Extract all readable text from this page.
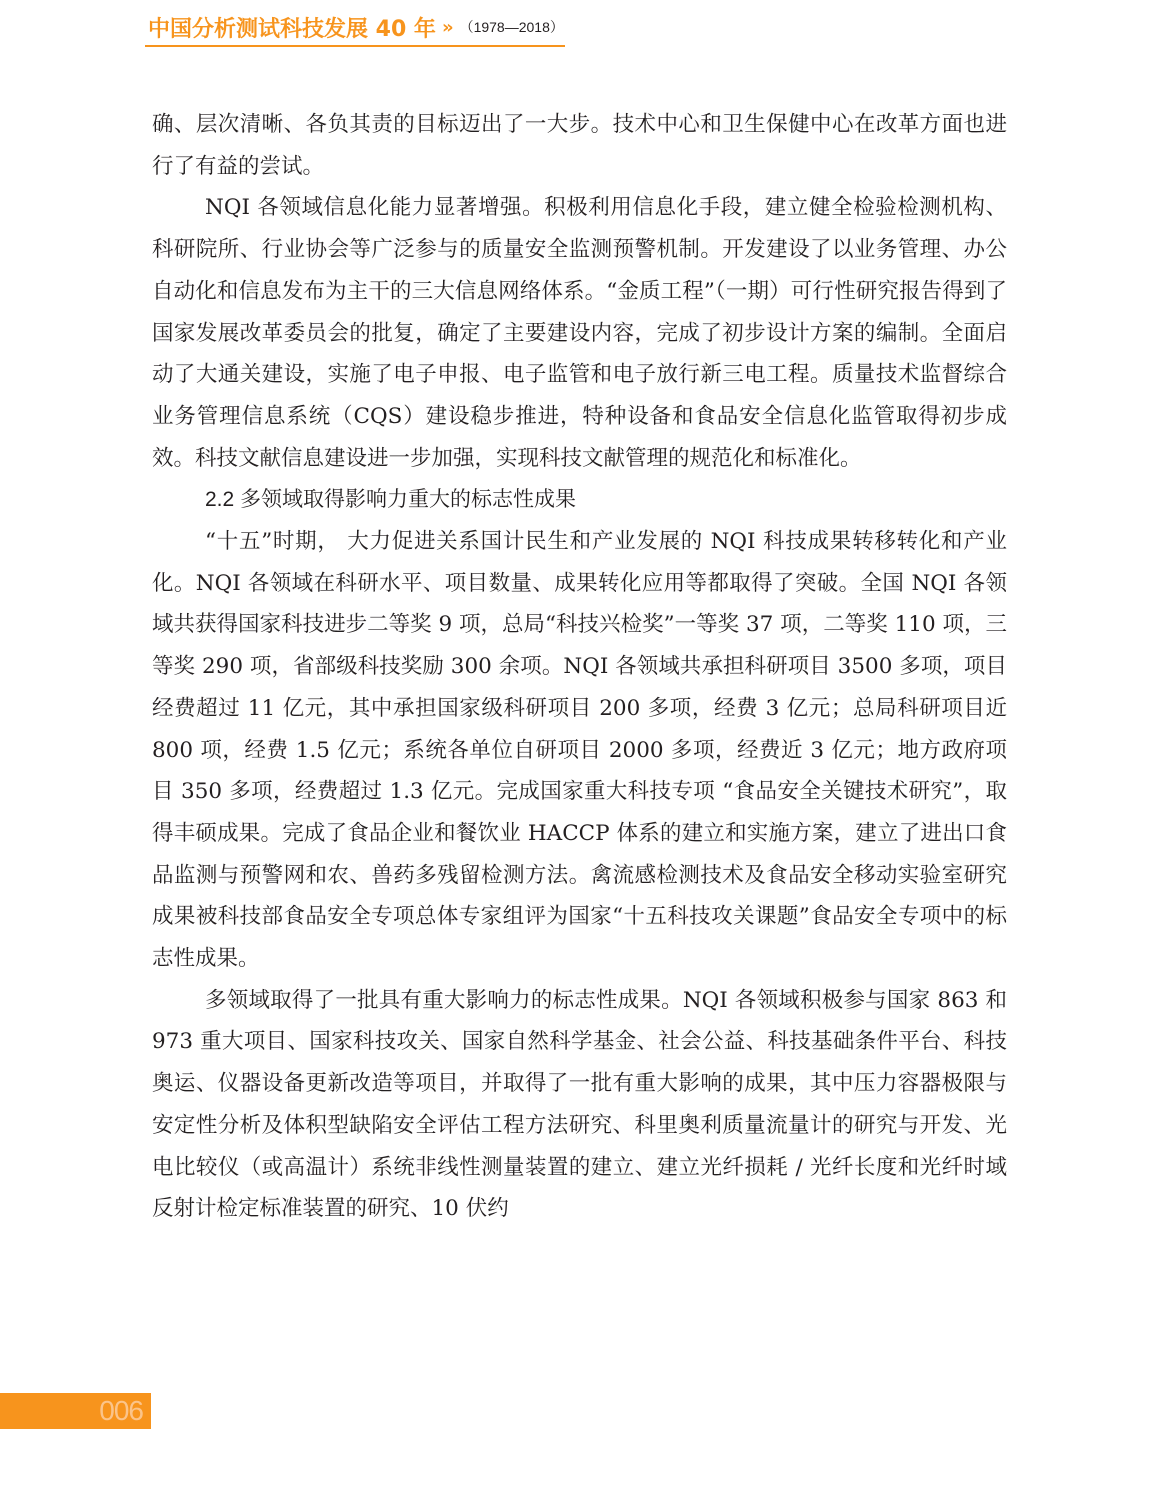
中国分析测试科技发展 40 年 » （1978—2018）

确、层次清晰、各负其责的目标迈出了一大步。技术中心和卫生保健中心在改革方面也进行了有益的尝试。

NQI 各领域信息化能力显著增强。积极利用信息化手段，建立健全检验检测机构、科研院所、行业协会等广泛参与的质量安全监测预警机制。开发建设了以业务管理、办公自动化和信息发布为主干的三大信息网络体系。“金质工程”（一期）可行性研究报告得到了国家发展改革委员会的批复，确定了主要建设内容，完成了初步设计方案的编制。全面启动了大通关建设，实施了电子申报、电子监管和电子放行新三电工程。质量技术监督综合业务管理信息系统（CQS）建设稳步推进，特种设备和食品安全信息化监管取得初步成效。科技文献信息建设进一步加强，实现科技文献管理的规范化和标准化。

2.2 多领域取得影响力重大的标志性成果

“十五”时期， 大力促进关系国计民生和产业发展的 NQI 科技成果转移转化和产业化。NQI 各领域在科研水平、项目数量、成果转化应用等都取得了突破。全国 NQI 各领域共获得国家科技进步二等奖 9 项，总局“科技兴检奖”一等奖 37 项，二等奖 110 项，三等奖 290 项，省部级科技奖励 300 余项。NQI 各领域共承担科研项目 3500 多项，项目经费超过 11 亿元，其中承担国家级科研项目 200 多项，经费 3 亿元；总局科研项目近 800 项，经费 1.5 亿元；系统各单位自研项目 2000 多项，经费近 3 亿元；地方政府项目 350 多项，经费超过 1.3 亿元。完成国家重大科技专项 “食品安全关键技术研究”，取得丰硕成果。完成了食品企业和餐饮业 HACCP 体系的建立和实施方案，建立了进出口食品监测与预警网和农、兽药多残留检测方法。禽流感检测技术及食品安全移动实验室研究成果被科技部食品安全专项总体专家组评为国家“十五科技攻关课题”食品安全专项中的标志性成果。

多领域取得了一批具有重大影响力的标志性成果。NQI 各领域积极参与国家 863 和 973 重大项目、国家科技攻关、国家自然科学基金、社会公益、科技基础条件平台、科技奥运、仪器设备更新改造等项目，并取得了一批有重大影响的成果，其中压力容器极限与安定性分析及体积型缺陷安全评估工程方法研究、科里奥利质量流量计的研究与开发、光电比较仪（或高温计）系统非线性测量装置的建立、建立光纤损耗 / 光纤长度和光纤时域反射计检定标准装置的研究、10 伏约

006
